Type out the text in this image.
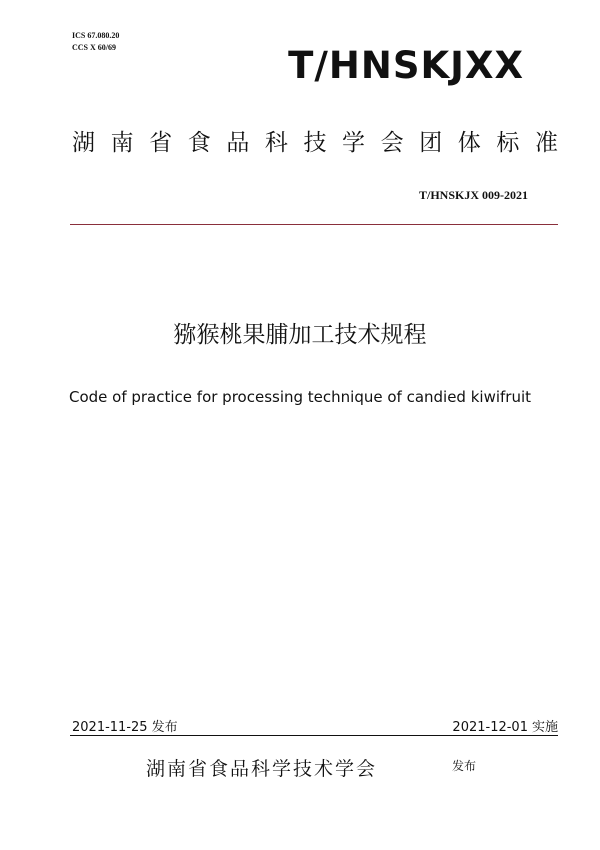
ICS 67.080.20
CCS X 60/69	T/HNSKJXX
湖 南 省 食 品 科 技 学 会 团 体 标 准
T/HNSKJX 009-2021
猕猴桃果脯加工技术规程
Code of practice for processing technique of candied kiwifruit
2021-11-25 发布	2021-12-01 实施
湖南省食品科学技术学会	发布
